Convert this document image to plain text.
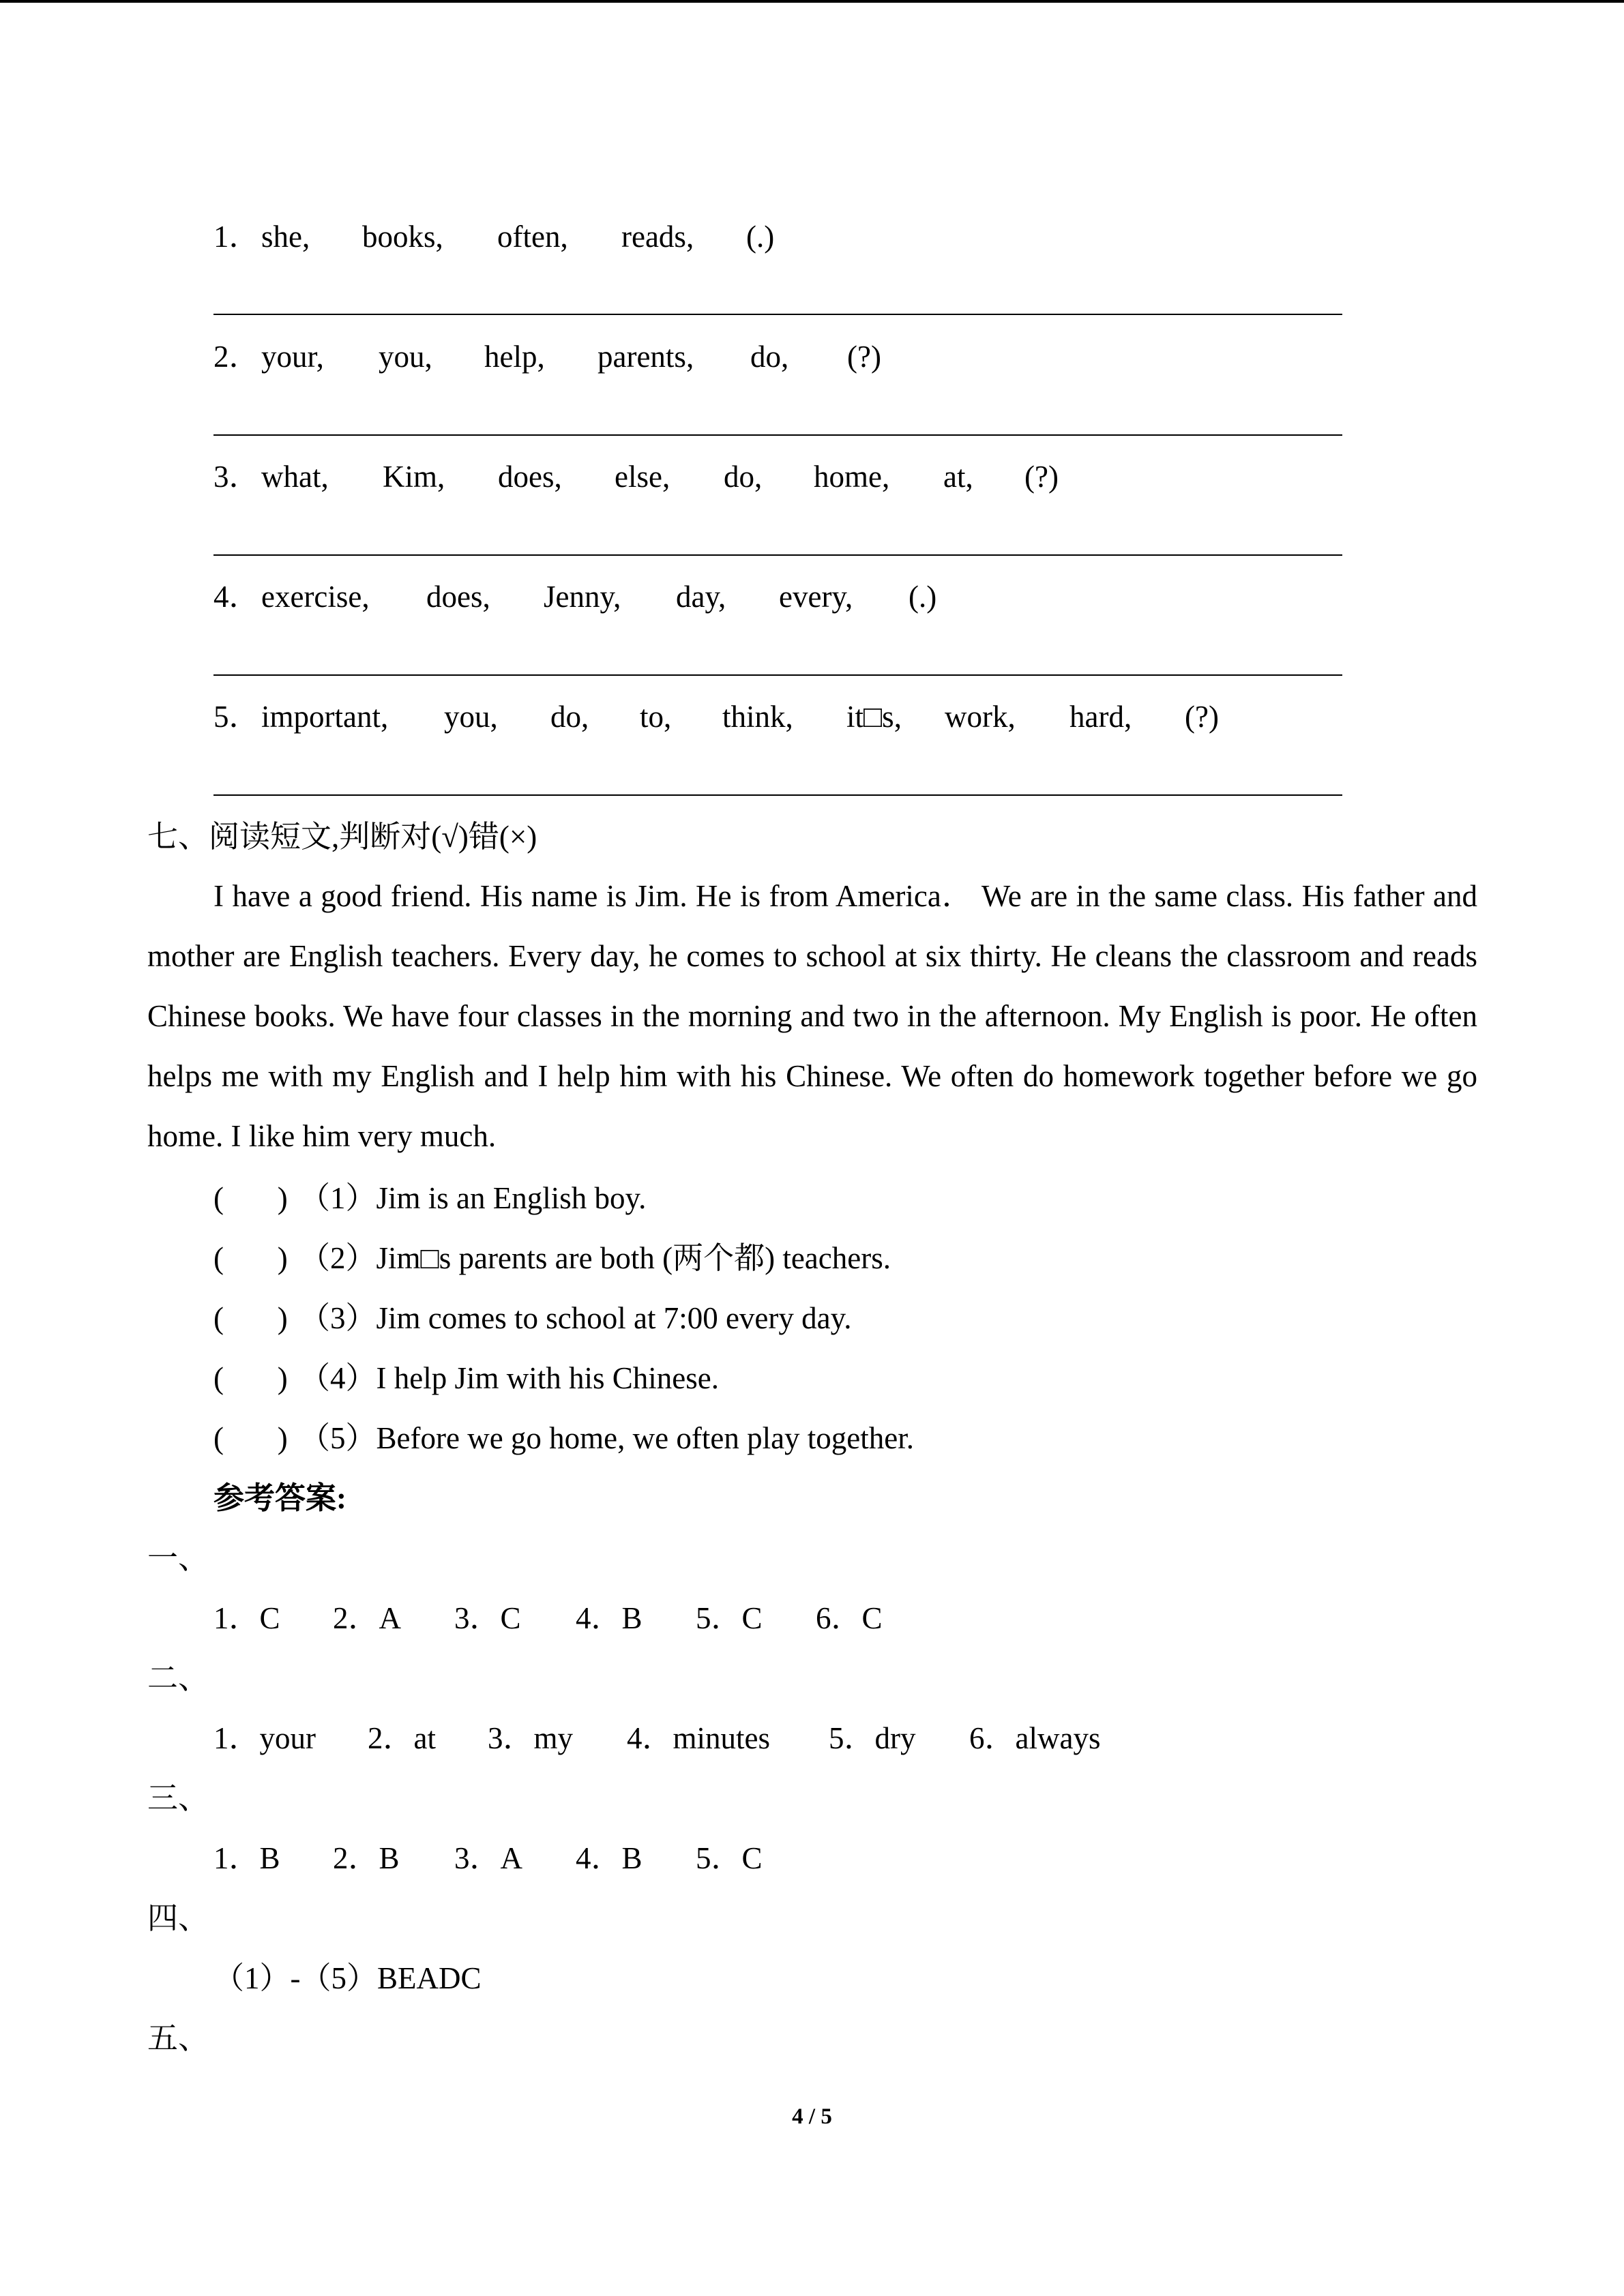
1． she,	books,	often,	reads,	(.)
2． your,	you,	help,	parents,	do,	(?)
3． what,	Kim,	does,	else,	do,	home,	at,	(?)
4． exercise,	does,	Jenny,	day,	every,	(.)
5． important,	you,	do,	to,	think,	it□s,	work,	hard,	(?)
七、阅读短文,判断对(√)错(×)

I have a good friend. His name is Jim. He is from America． We are in the same class. His father and mother are English teachers. Every day, he comes to school at six thirty. He cleans the classroom and reads Chinese books. We have four classes in the morning and two in the afternoon. My English is poor. He often helps me with my English and I help him with his Chinese. We often do homework together before we go home. I like him very much.

(       ) （1）Jim is an English boy.
(       ) （2）Jim□s parents are both (两个都) teachers.
(       ) （3）Jim comes to school at 7:00 every day.
(       ) （4）I help Jim with his Chinese.
(       ) （5）Before we go home, we often play together.
参考答案:
一、
1．C	2．A	3．C	4．B	5．C	6．C
二、
1．your	2．at	3．my	4．minutes	5．dry	6．always
三、
1．B	2．B	3．A	4．B	5．C
四、
（1）-（5）BEADC
五、
4 / 5
